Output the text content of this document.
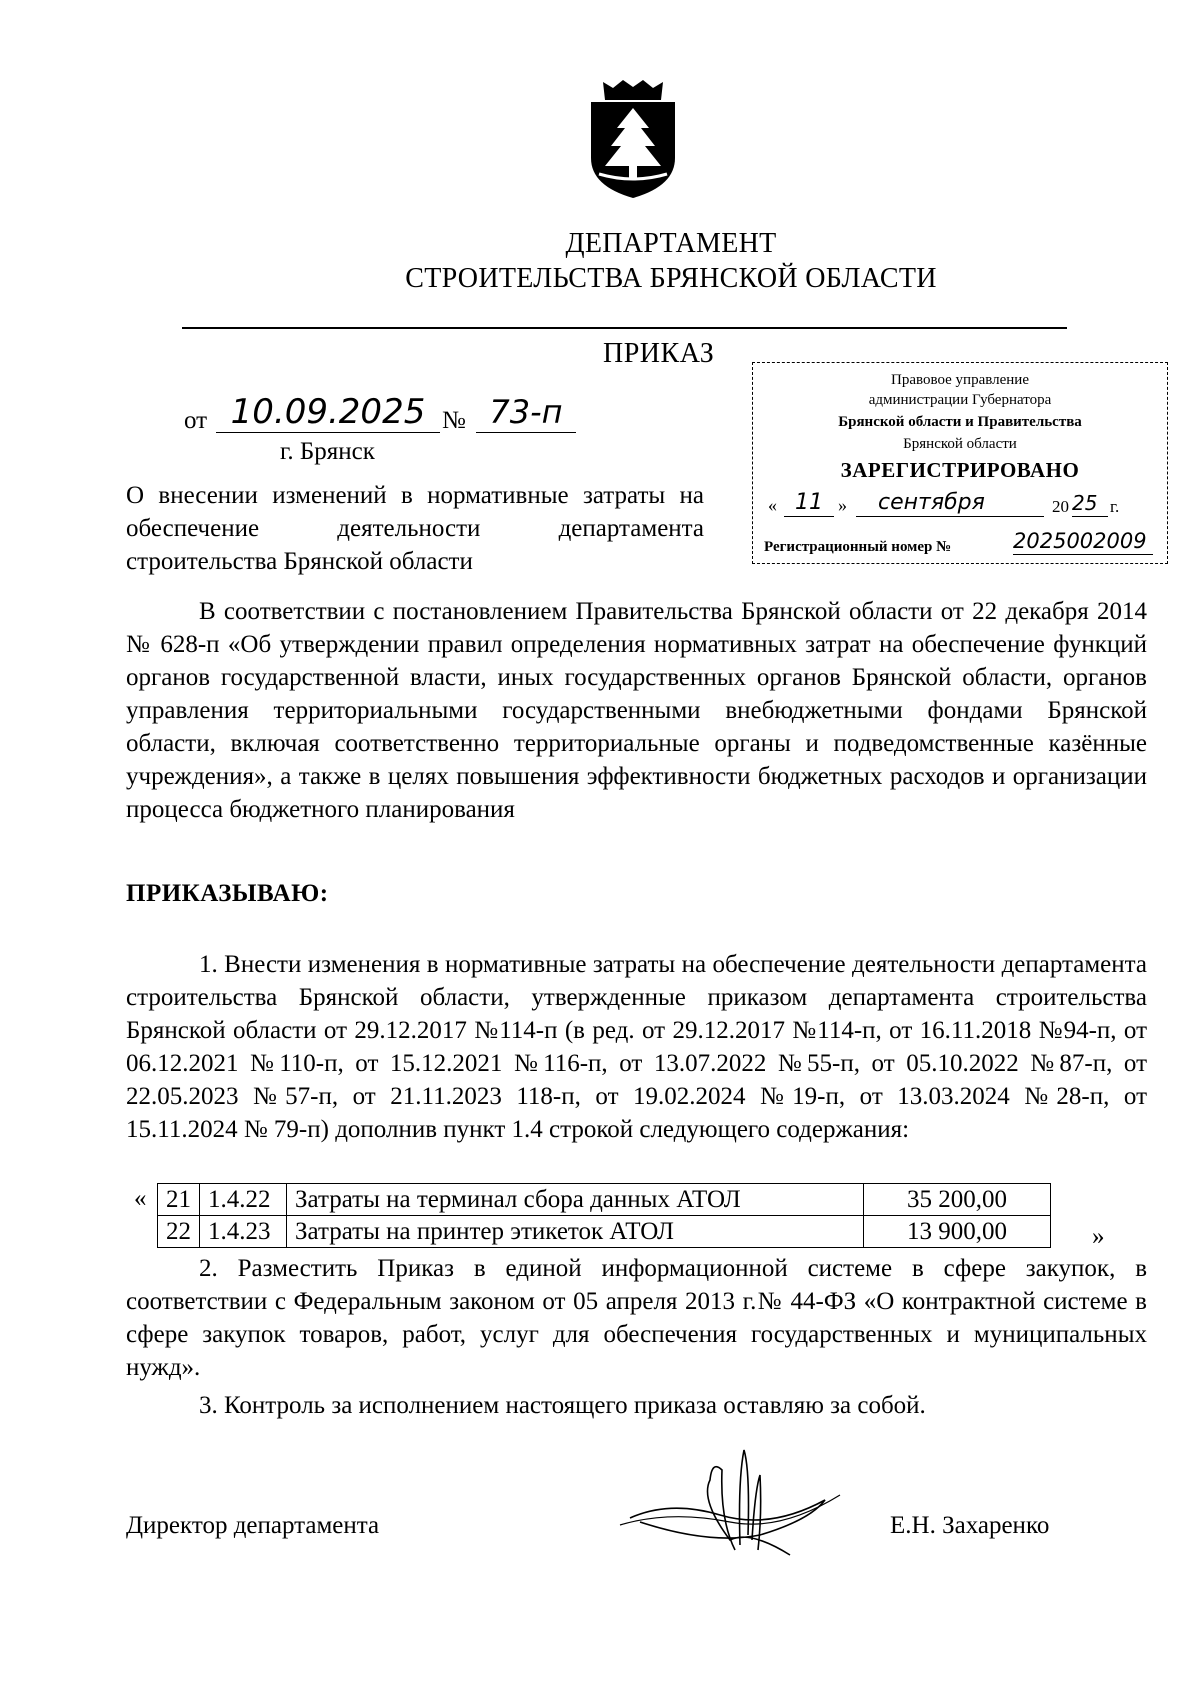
ДЕПАРТАМЕНТ
СТРОИТЕЛЬСТВА БРЯНСКОЙ ОБЛАСТИ
ПРИКАЗ
Правовое управление
администрации Губернатора
Брянской области и Правительства
Брянской области
ЗАРЕГИСТРИРОВАНО
« 11 »	сентября	20 25 г.
Регистрационный номер №	2025002009
от 10.09.2025 № 73-п
г. Брянск
О внесении изменений в нормативные затраты на обеспечение деятельности департамента строительства Брянской области
В соответствии с постановлением Правительства Брянской области от 22 декабря 2014 № 628-п «Об утверждении правил определения нормативных затрат на обеспечение функций органов государственной власти, иных государственных органов Брянской области, органов управления территориальными государственными внебюджетными фондами Брянской области, включая соответственно территориальные органы и подведомственные казённые учреждения», а также в целях повышения эффективности бюджетных расходов и организации процесса бюджетного планирования
ПРИКАЗЫВАЮ:
1. Внести изменения в нормативные затраты на обеспечение деятельности департамента строительства Брянской области, утвержденные приказом департамента строительства Брянской области от 29.12.2017 №114-п (в ред. от 29.12.2017 №114-п, от 16.11.2018 №94-п, от 06.12.2021 №110-п, от 15.12.2021 №116-п, от 13.07.2022 №55-п, от 05.10.2022 №87-п, от 22.05.2023 №57-п, от 21.11.2023 118-п, от 19.02.2024 №19-п, от 13.03.2024 №28-п, от 15.11.2024 № 79-п) дополнив пункт 1.4 строкой следующего содержания:
« 21	1.4.22	Затраты на терминал сбора данных АТОЛ	35 200,00
22	1.4.23	Затраты на принтер этикеток АТОЛ	13 900,00	»
2. Разместить Приказ в единой информационной системе в сфере закупок, в соответствии с Федеральным законом от 05 апреля 2013 г.№ 44-ФЗ «О контрактной системе в сфере закупок товаров, работ, услуг для обеспечения государственных и муниципальных нужд».
3. Контроль за исполнением настоящего приказа оставляю за собой.
Директор департамента	Е.Н. Захаренко
